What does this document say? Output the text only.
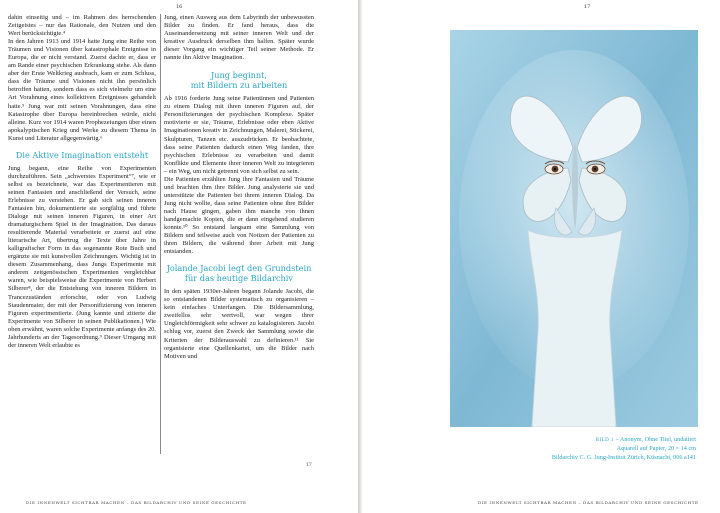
16

dahin einseitig und – im Rahmen des herrschenden Zeitgeistes – nur das Rationale, den Nutzen und den Wert berücksichtigte.⁴

In den Jahren 1913 und 1914 hatte Jung eine Reihe von Träumen und Visionen über katastrophale Ereignisse in Europa, die er nicht verstand. Zuerst dachte er, dass er am Rande einer psychischen Erkrankung stehe. Als dann aber der Erste Weltkrieg ausbrach, kam er zum Schluss, dass die Träume und Visionen nicht ihn persönlich betroffen hatten, sondern dass es sich vielmehr um eine Art Vorahnung eines kollektiven Ereignisses gehandelt hatte.⁵ Jung war mit seinen Vorahnungen, dass eine Katastrophe über Europa hereinbrechen würde, nicht alleine. Kurz vor 1914 waren Prophezeiungen über einen apokalyptischen Krieg und Werke zu diesem Thema in Kunst und Literatur allgegenwärtig.⁶

Die Aktive Imagination entsteht

Jung begann, eine Reihe von Experimenten durchzuführen. Sein „schwerstes Experiment“⁷, wie er selbst es bezeichnete, war das Experimentieren mit seinen Fantasien und anschließend der Versuch, seine Erlebnisse zu verstehen. Er gab sich seinen inneren Fantasien hin, dokumentierte sie sorgfältig und führte Dialoge mit seinen inneren Figuren, in einer Art dramaturgischem Spiel in der Imagination. Das daraus resultierende Material verarbeitete er zuerst auf eine literarische Art, übertrug die Texte über Jahre in kalligrafischer Form in das sogenannte Rote Buch und ergänzte sie mit kunstvollen Zeichnungen. Wichtig ist in diesem Zusammenhang, dass Jungs Experimente mit anderen zeitgenössischen Experimenten vergleichbar waren, wie beispielsweise die Experimente von Herbert Silberer⁸, der die Entstehung von inneren Bildern in Trancezuständen erforschte, oder von Ludwig Staudenmaier, der mit der Personifizierung von inneren Figuren experimentierte. (Jung kannte und zitierte die Experimente von Silberer in seinen Publikationen.) Wie oben erwähnt, waren solche Experimente anfangs des 20. Jahrhunderts an der Tagesordnung.⁹ Dieser Umgang mit der inneren Welt erlaubte es

Jung, einen Ausweg aus dem Labyrinth der unbewussten Bilder zu finden. Er fand heraus, dass die Auseinandersetzung mit seiner inneren Welt und der kreative Ausdruck derselben ihm halfen. Später wurde dieser Vorgang ein wichtiger Teil seiner Methode. Er nannte ihn Aktive Imagination.

Jung beginnt,
mit Bildern zu arbeiten

Ab 1916 forderte Jung seine Patientinnen und Patienten zu einem Dialog mit ihren inneren Figuren auf, der Personifizierungen der psychischen Komplexe. Später motivierte er sie, Träume, Erlebnisse oder eben Aktive Imaginationen kreativ in Zeichnungen, Malerei, Stickerei, Skulpturen, Tanzen etc. auszudrücken. Er beobachtete, dass seine Patienten dadurch einen Weg fanden, ihre psychischen Erlebnisse zu verarbeiten und damit Konflikte und Elemente ihrer inneren Welt zu integrieren – ein Weg, um nicht getrennt von sich selbst zu sein.

Die Patienten erzählten Jung ihre Fantasien und Träume und brachten ihm ihre Bilder. Jung analysierte sie und unterstützte die Patienten bei ihrem inneren Dialog. Da Jung nicht wollte, dass seine Patienten ohne ihre Bilder nach Hause gingen, gaben ihm manche von ihnen handgemachte Kopien, die er dann eingehend studieren konnte.¹⁰ So entstand langsam eine Sammlung von Bildern und teilweise auch von Notizen der Patienten zu ihren Bildern, die während ihrer Arbeit mit Jung entstanden.

Jolande Jacobi legt den Grundstein
für das heutige Bildarchiv

In den späten 1930er-Jahren begann Jolande Jacobi, die so entstandenen Bilder systematisch zu organisieren – kein einfaches Unterfangen. Die Bildersammlung, zweifellos sehr wertvoll, war wegen ihrer Ungleichförmigkeit sehr schwer zu katalogisieren. Jacobi schlug vor, zuerst den Zweck der Sammlung sowie die Kriterien der Bilderauswahl zu definieren.¹¹ Sie organisierte eine Quellenkartei, um die Bilder nach Motiven und

17
DIE INNENWELT SICHTBAR MACHEN – DAS BILDARCHIV UND SEINE GESCHICHTE
17
BILD 1 – Anonym, Ohne Titel, undatiert
Aquarell auf Papier, 20 × 14 cm
Bildarchiv C. G. Jung-Institut Zürich, Küsnacht, 006 a141
DIE INNENWELT SICHTBAR MACHEN – DAS BILDARCHIV UND SEINE GESCHICHTE
